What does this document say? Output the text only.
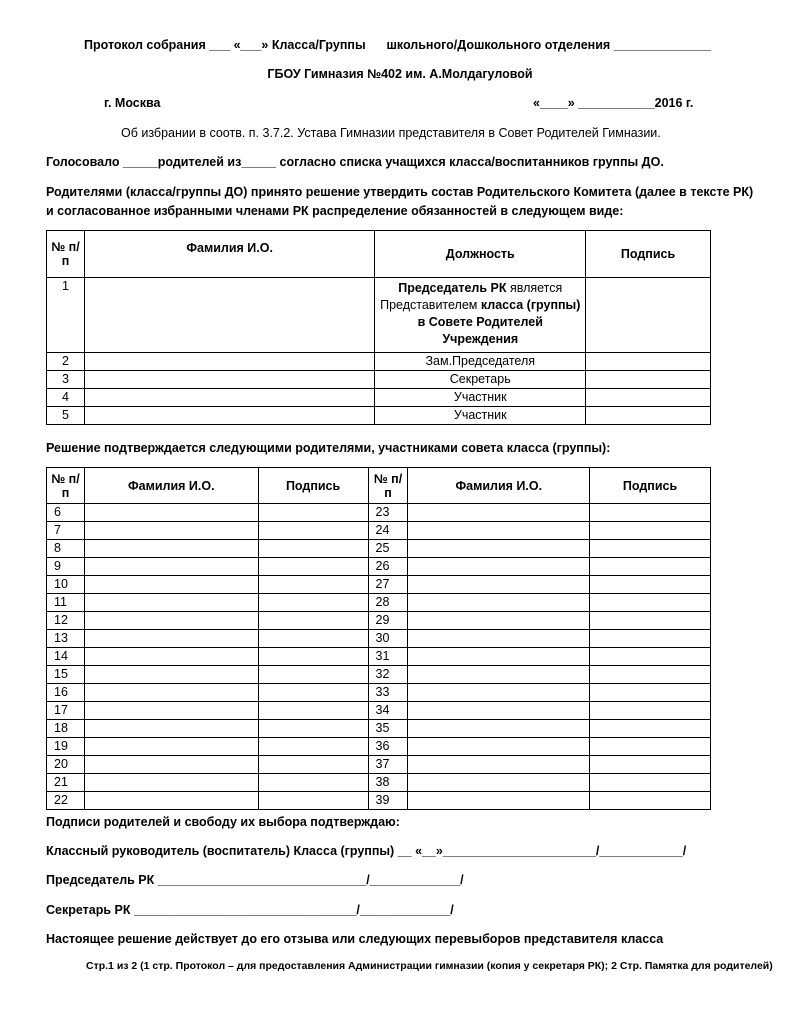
Протокол собрания ___ «___» Класса/Группы      школьного/Дошкольного отделения ______________
ГБОУ Гимназия №402 им. А.Молдагуловой
г. Москва	«____» ___________2016 г.
Об избрании в соотв. п. 3.7.2. Устава Гимназии представителя в Совет Родителей Гимназии.
Голосовало _____родителей из_____ согласно списка учащихся класса/воспитанников группы ДО.
Родителями (класса/группы ДО) принято решение утвердить состав Родительского Комитета (далее в тексте РК)
и согласованное избранными членами РК распределение обязанностей в следующем виде:
№ п/п	Фамилия И.О.	Должность	Подпись
1		Председатель РК является Представителем класса (группы) в Совете Родителей Учреждения	
2		Зам.Председателя	
3		Секретарь	
4		Участник	
5		Участник	
Решение подтверждается следующими родителями, участниками совета класса (группы):
№ п/п	Фамилия И.О.	Подпись	№ п/п	Фамилия И.О.	Подпись
6			23		
7			24		
8			25		
9			26		
10			27		
11			28		
12			29		
13			30		
14			31		
15			32		
16			33		
17			34		
18			35		
19			36		
20			37		
21			38		
22			39		
Подписи родителей и свободу их выбора подтверждаю:
Классный руководитель (воспитатель) Класса (группы) __ «__»______________________/____________/
Председатель РК ______________________________/_____________/
Секретарь РК ________________________________/_____________/
Настоящее решение действует до его отзыва или следующих перевыборов представителя класса
Стр.1 из 2 (1 стр. Протокол – для предоставления Администрации гимназии (копия у секретаря РК); 2 Стр. Памятка для родителей)
